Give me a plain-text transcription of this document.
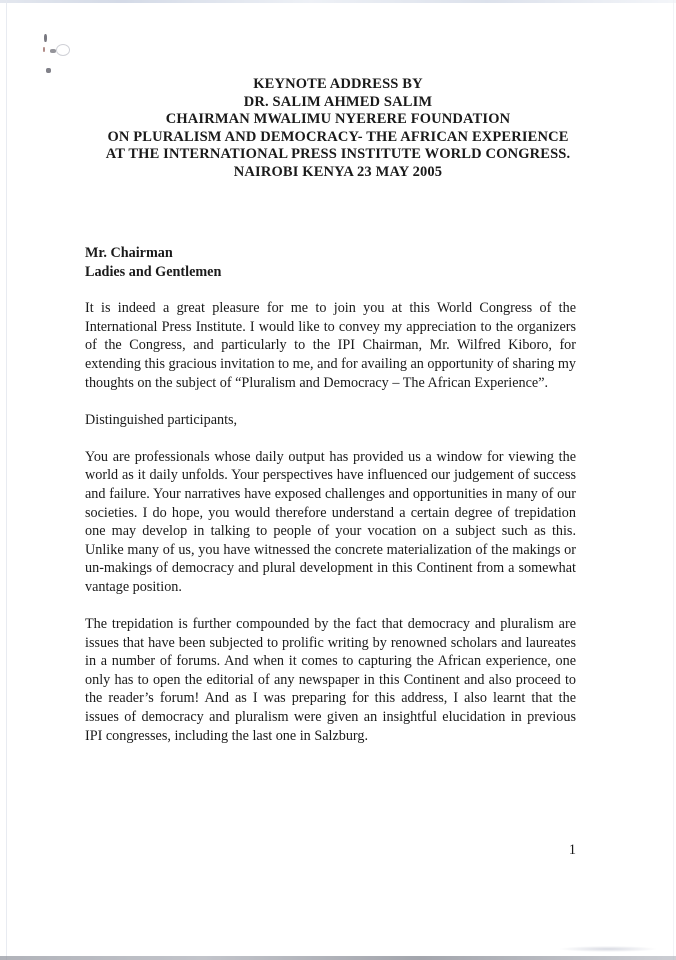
KEYNOTE ADDRESS BY
DR. SALIM AHMED SALIM
CHAIRMAN MWALIMU NYERERE FOUNDATION
ON PLURALISM AND DEMOCRACY- THE AFRICAN EXPERIENCE
AT THE INTERNATIONAL PRESS INSTITUTE WORLD CONGRESS.
NAIROBI KENYA 23 MAY 2005
Mr. Chairman
Ladies and Gentlemen

It is indeed a great pleasure for me to join you at this World Congress of the International Press Institute. I would like to convey my appreciation to the organizers of the Congress, and particularly to the IPI Chairman, Mr. Wilfred Kiboro, for extending this gracious invitation to me, and for availing an opportunity of sharing my thoughts on the subject of “Pluralism and Democracy – The African Experience”.

Distinguished participants,

You are professionals whose daily output has provided us a window for viewing the world as it daily unfolds. Your perspectives have influenced our judgement of success and failure. Your narratives have exposed challenges and opportunities in many of our societies. I do hope, you would therefore understand a certain degree of trepidation one may develop in talking to people of your vocation on a subject such as this. Unlike many of us, you have witnessed the concrete materialization of the makings or un-makings of democracy and plural development in this Continent from a somewhat vantage position.

The trepidation is further compounded by the fact that democracy and pluralism are issues that have been subjected to prolific writing by renowned scholars and laureates in a number of forums. And when it comes to capturing the African experience, one only has to open the editorial of any newspaper in this Continent and also proceed to the reader’s forum! And as I was preparing for this address, I also learnt that the issues of democracy and pluralism were given an insightful elucidation in previous IPI congresses, including the last one in Salzburg.

1
